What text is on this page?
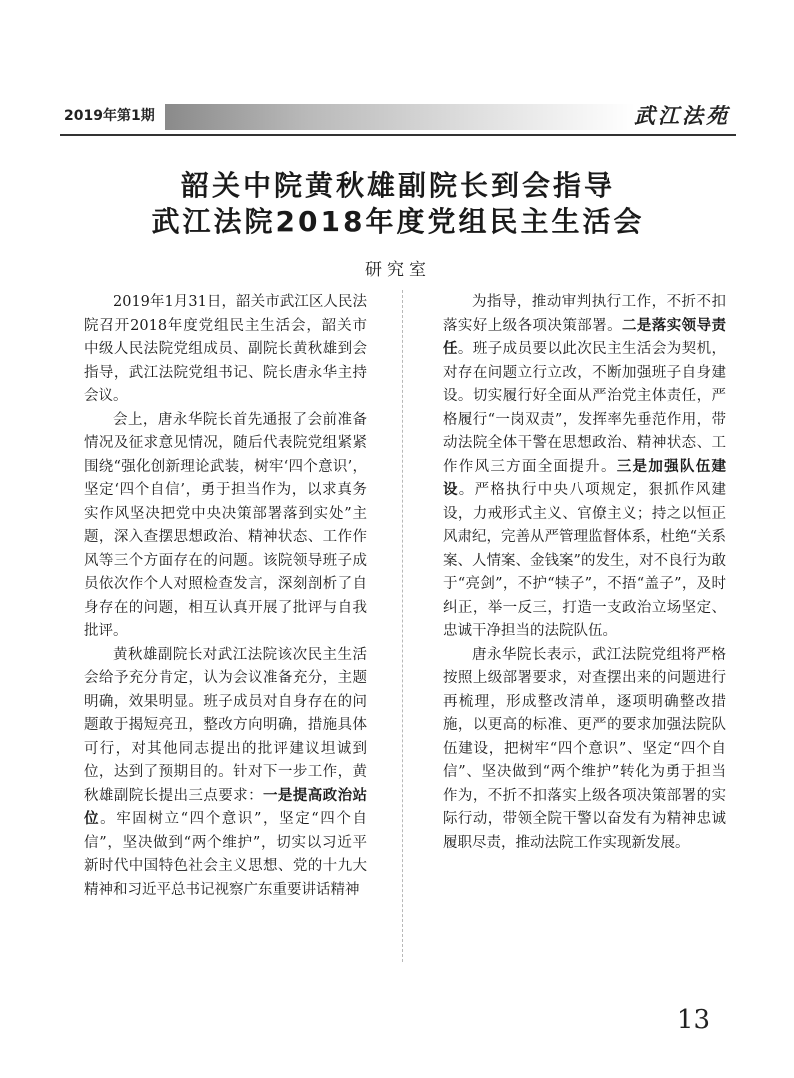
2019年第1期	武江法苑
韶关中院黄秋雄副院长到会指导
武江法院2018年度党组民主生活会
研究室

2019年1月31日，韶关市武江区人民法院召开2018年度党组民主生活会，韶关市中级人民法院党组成员、副院长黄秋雄到会指导，武江法院党组书记、院长唐永华主持会议。

会上，唐永华院长首先通报了会前准备情况及征求意见情况，随后代表院党组紧紧围绕“强化创新理论武装，树牢‘四个意识’，坚定‘四个自信’，勇于担当作为，以求真务实作风坚决把党中央决策部署落到实处”主题，深入查摆思想政治、精神状态、工作作风等三个方面存在的问题。该院领导班子成员依次作个人对照检查发言，深刻剖析了自身存在的问题，相互认真开展了批评与自我批评。

黄秋雄副院长对武江法院该次民主生活会给予充分肯定，认为会议准备充分，主题明确，效果明显。班子成员对自身存在的问题敢于揭短亮丑，整改方向明确，措施具体可行，对其他同志提出的批评建议坦诚到位，达到了预期目的。针对下一步工作，黄秋雄副院长提出三点要求：一是提高政治站位。牢固树立“四个意识”，坚定“四个自信”，坚决做到“两个维护”，切实以习近平新时代中国特色社会主义思想、党的十九大精神和习近平总书记视察广东重要讲话精神

为指导，推动审判执行工作，不折不扣落实好上级各项决策部署。二是落实领导责任。班子成员要以此次民主生活会为契机，对存在问题立行立改，不断加强班子自身建设。切实履行好全面从严治党主体责任，严格履行“一岗双责”，发挥率先垂范作用，带动法院全体干警在思想政治、精神状态、工作作风三方面全面提升。三是加强队伍建设。严格执行中央八项规定，狠抓作风建设，力戒形式主义、官僚主义；持之以恒正风肃纪，完善从严管理监督体系，杜绝“关系案、人情案、金钱案”的发生，对不良行为敢于“亮剑”，不护“犊子”，不捂“盖子”，及时纠正，举一反三，打造一支政治立场坚定、忠诚干净担当的法院队伍。

唐永华院长表示，武江法院党组将严格按照上级部署要求，对查摆出来的问题进行再梳理，形成整改清单，逐项明确整改措施，以更高的标准、更严的要求加强法院队伍建设，把树牢“四个意识”、坚定“四个自信”、坚决做到“两个维护”转化为勇于担当作为，不折不扣落实上级各项决策部署的实际行动，带领全院干警以奋发有为精神忠诚履职尽责，推动法院工作实现新发展。

13
